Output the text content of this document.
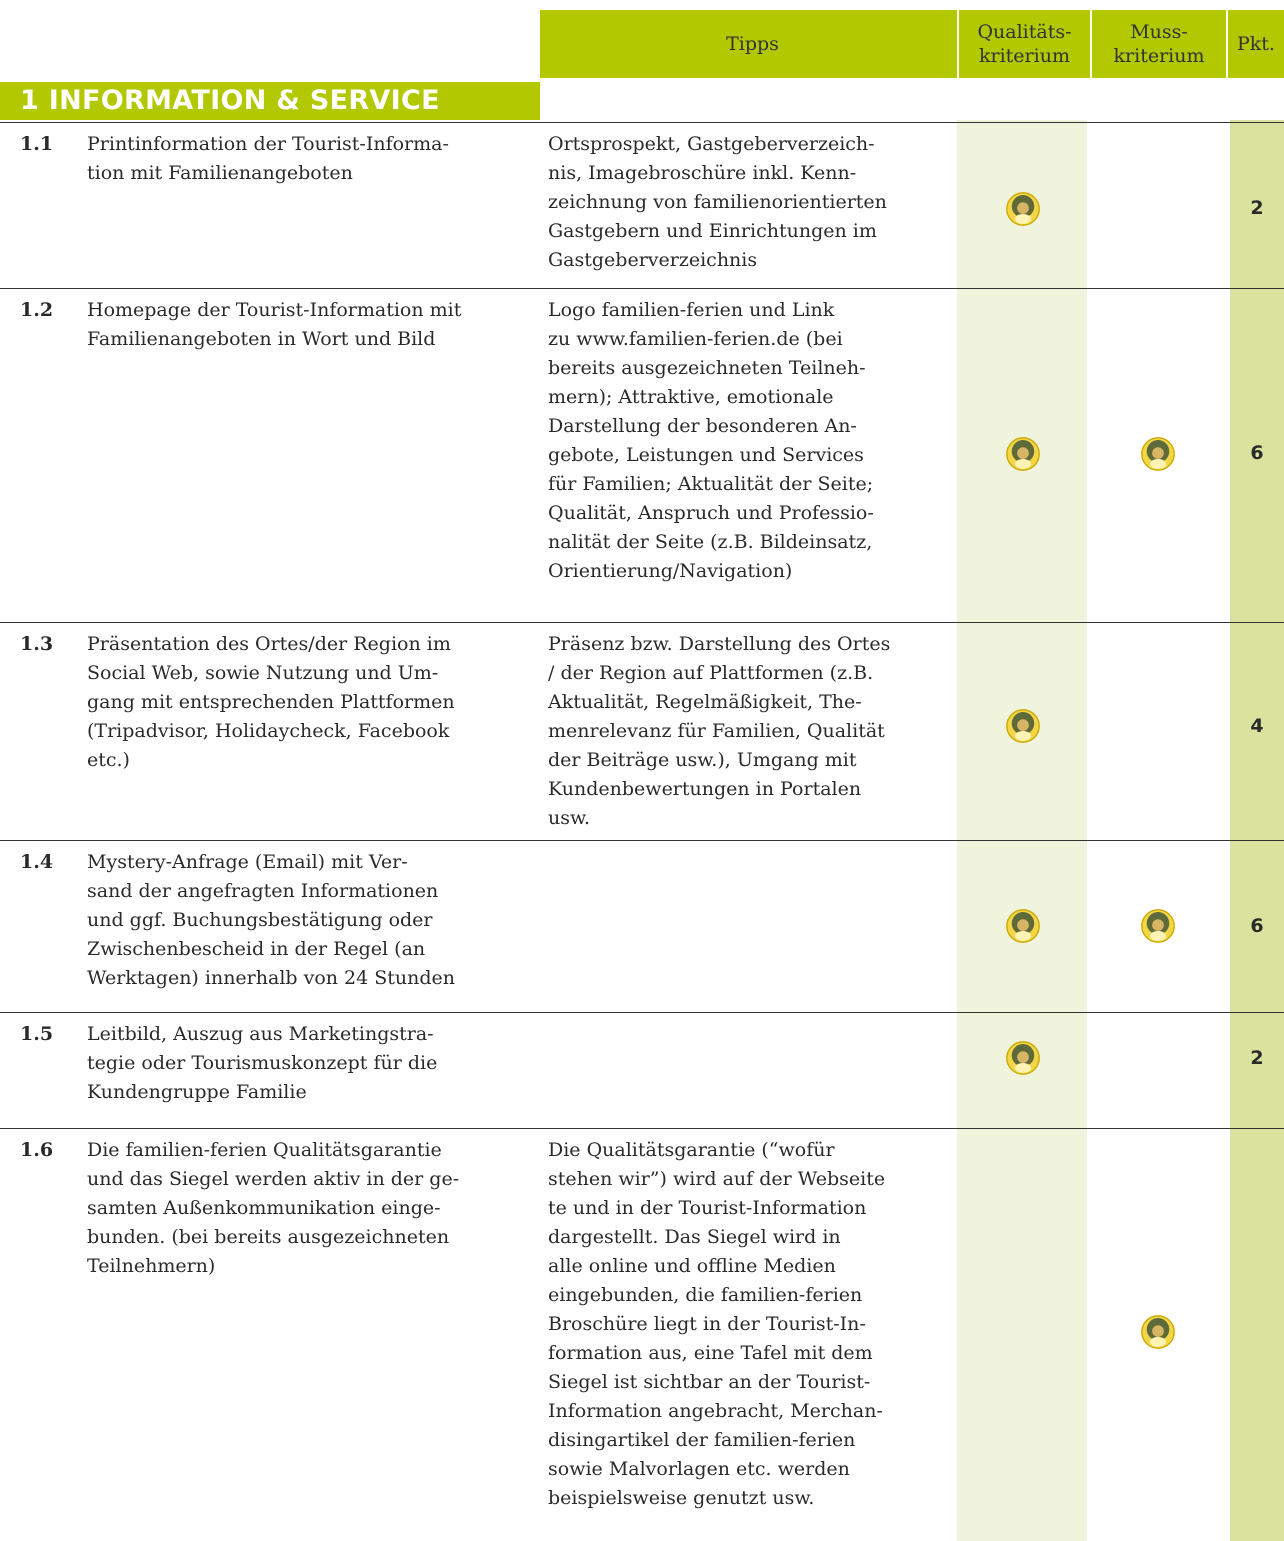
Tipps
Qualitäts-
kriterium
Muss-
kriterium
Pkt.
1 INFORMATION & SERVICE
1.1 Printinformation der Tourist-Informa-
tion mit Familienangeboten
Ortsprospekt, Gastgeberverzeich-
nis, Imagebroschüre inkl. Kenn-
zeichnung von familienorientierten
Gastgebern und Einrichtungen im
Gastgeberverzeichnis
2
1.2 Homepage der Tourist-Information mit
Familienangeboten in Wort und Bild
Logo familien-ferien und Link
zu www.familien-ferien.de (bei
bereits ausgezeichneten Teilneh-
mern); Attraktive, emotionale
Darstellung der besonderen An-
gebote, Leistungen und Services
für Familien; Aktualität der Seite;
Qualität, Anspruch und Professio-
nalität der Seite (z.B. Bildeinsatz,
Orientierung/Navigation)
6
1.3 Präsentation des Ortes/der Region im
Social Web, sowie Nutzung und Um-
gang mit entsprechenden Plattformen
(Tripadvisor, Holidaycheck, Facebook
etc.)
Präsenz bzw. Darstellung des Ortes
/ der Region auf Plattformen (z.B.
Aktualität, Regelmäßigkeit, The-
menrelevanz für Familien, Qualität
der Beiträge usw.), Umgang mit
Kundenbewertungen in Portalen
usw.
4
1.4 Mystery-Anfrage (Email) mit Ver-
sand der angefragten Informationen
und ggf. Buchungsbestätigung oder
Zwischenbescheid in der Regel (an
Werktagen) innerhalb von 24 Stunden
6
1.5 Leitbild, Auszug aus Marketingstra-
tegie oder Tourismuskonzept für die
Kundengruppe Familie
2
1.6 Die familien-ferien Qualitätsgarantie
und das Siegel werden aktiv in der ge-
samten Außenkommunikation einge-
bunden. (bei bereits ausgezeichneten
Teilnehmern)
Die Qualitätsgarantie (“wofür
stehen wir”) wird auf der Webseite
te und in der Tourist-Information
dargestellt. Das Siegel wird in
alle online und offline Medien
eingebunden, die familien-ferien
Broschüre liegt in der Tourist-In-
formation aus, eine Tafel mit dem
Siegel ist sichtbar an der Tourist-
Information angebracht, Merchan-
disingartikel der familien-ferien
sowie Malvorlagen etc. werden
beispielsweise genutzt usw.
